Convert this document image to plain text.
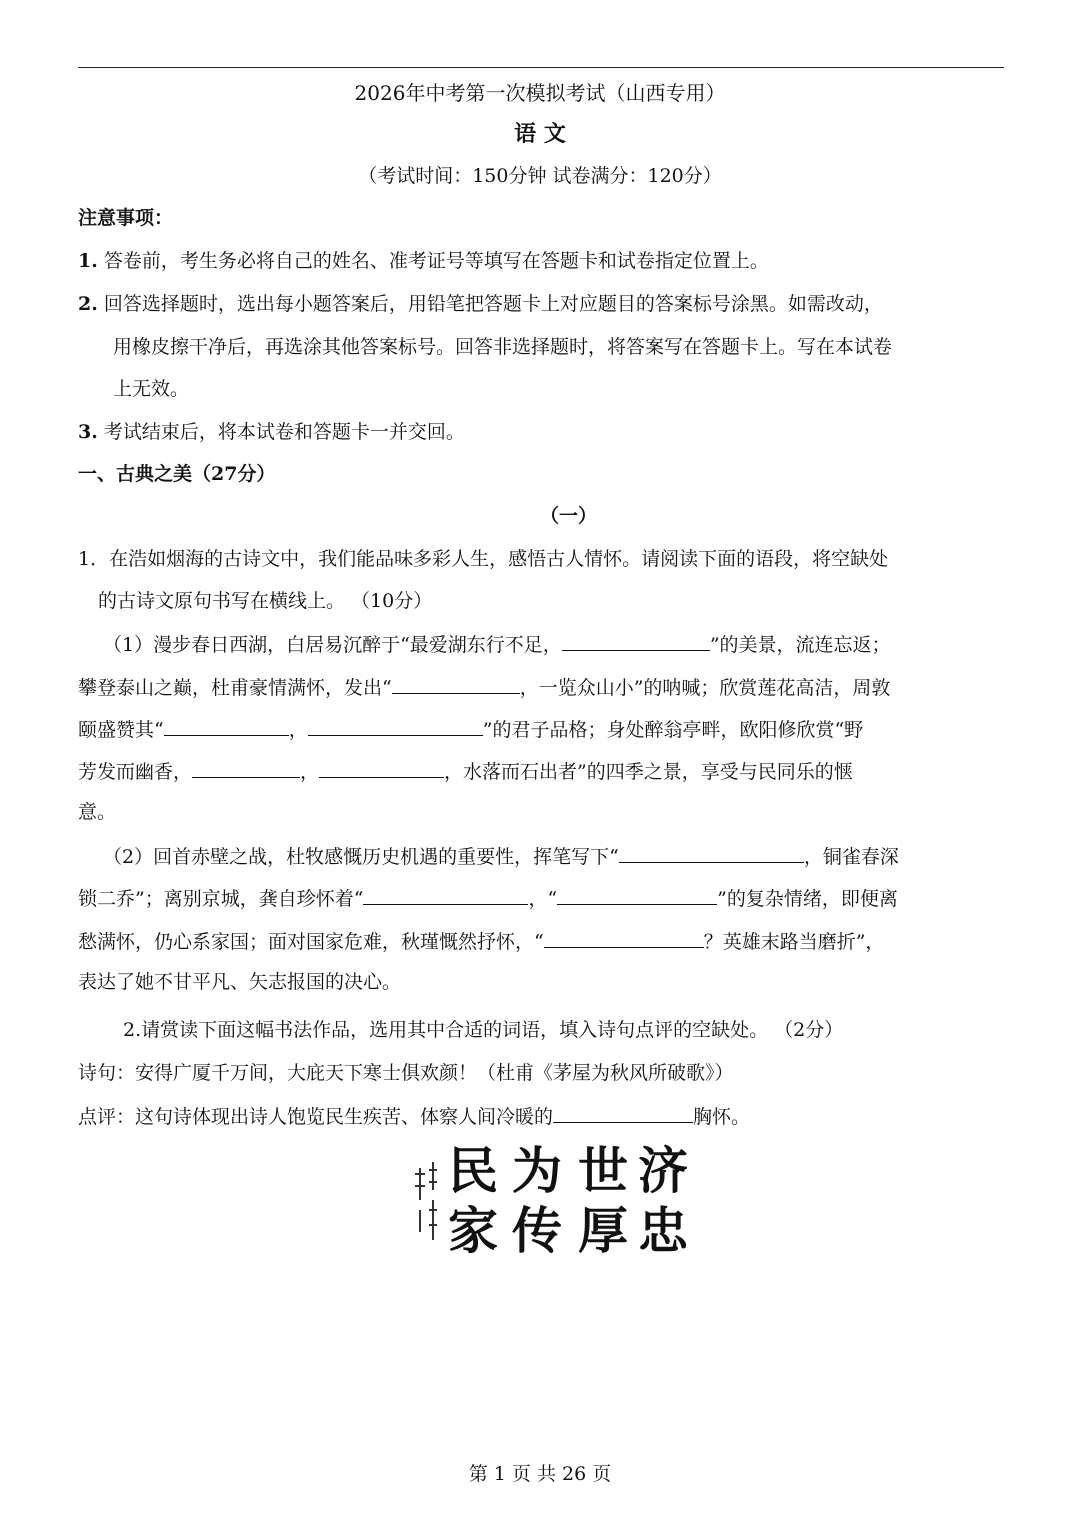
2026年中考第一次模拟考试（山西专用）
语 文
（考试时间：150分钟 试卷满分：120分）
注意事项：
1. 答卷前，考生务必将自己的姓名、准考证号等填写在答题卡和试卷指定位置上。
2. 回答选择题时，选出每小题答案后，用铅笔把答题卡上对应题目的答案标号涂黑。如需改动，
用橡皮擦干净后，再选涂其他答案标号。回答非选择题时，将答案写在答题卡上。写在本试卷
上无效。
3. 考试结束后，将本试卷和答题卡一并交回。
一、古典之美（27分）
（一）
1．在浩如烟海的古诗文中，我们能品味多彩人生，感悟古人情怀。请阅读下面的语段，将空缺处
的古诗文原句书写在横线上。 （10分）
（1）漫步春日西湖，白居易沉醉于“最爱湖东行不足，	”的美景，流连忘返；
攀登泰山之巅，杜甫豪情满怀，发出“	，一览众山小”的呐喊；欣赏莲花高洁，周敦
颐盛赞其“	，	”的君子品格；身处醉翁亭畔，欧阳修欣赏“野
芳发而幽香，	，	，水落而石出者”的四季之景，享受与民同乐的惬
意。
（2）回首赤壁之战，杜牧感慨历史机遇的重要性，挥笔写下“	，铜雀春深
锁二乔”；离别京城，龚自珍怀着“	，“	”的复杂情绪，即便离
愁满怀，仍心系家国；面对国家危难，秋瑾慨然抒怀，“	？英雄末路当磨折”，
表达了她不甘平凡、矢志报国的决心。
2.请赏读下面这幅书法作品，选用其中合适的词语，填入诗句点评的空缺处。 （2分）
诗句：安得广厦千万间，大庇天下寒士俱欢颜！（杜甫《茅屋为秋风所破歌》）
点评：这句诗体现出诗人饱览民生疾苦、体察人间冷暖的	胸怀。
济
世
为
民
忠
厚
传
家
第 1 页 共 26 页
